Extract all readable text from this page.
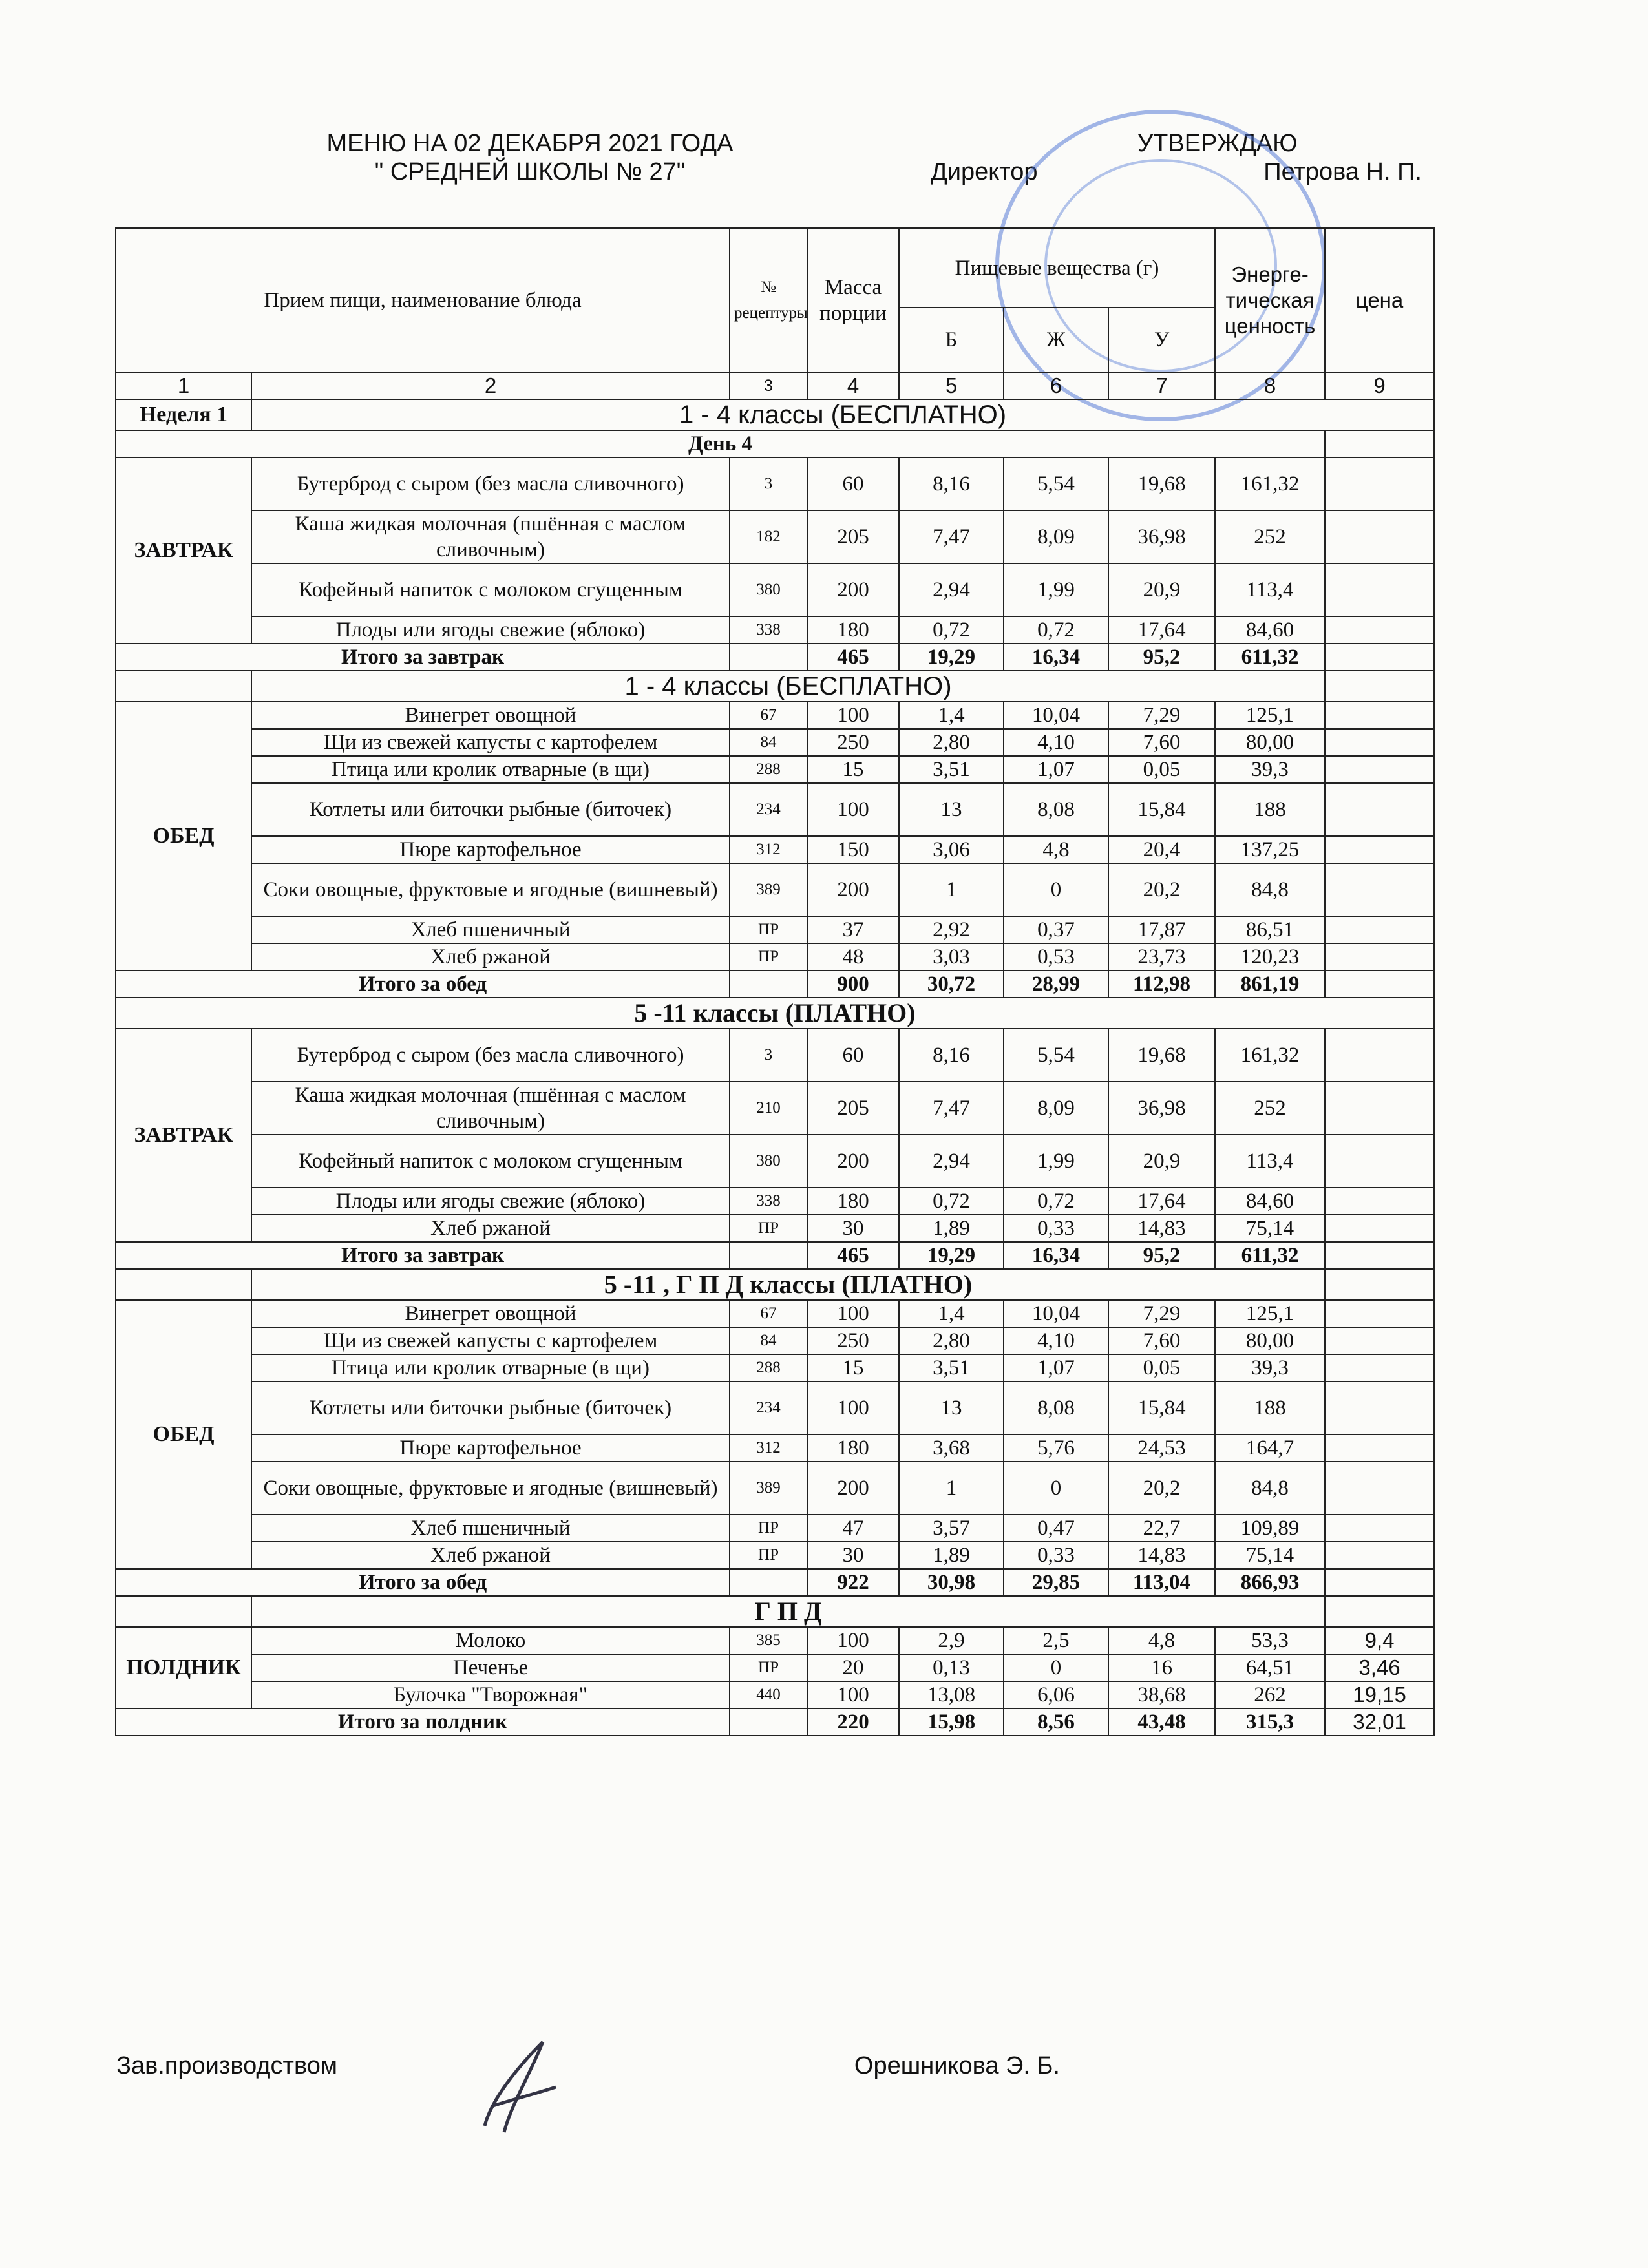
МЕНЮ НА 02 ДЕКАБРЯ 2021 ГОДА
" СРЕДНЕЙ ШКОЛЫ № 27"
УТВЕРЖДАЮ
Директор	Петрова Н. П.
Прием пищи, наименование блюда		№ рецептуры	Масса порции	Пищевые вещества (г)			Энерге-тическая ценность	цена
				Б	Ж	У		
1	2	3	4	5	6	7	8	9
Неделя 1	1 - 4 классы (БЕСПЛАТНО)							
День 4								
ЗАВТРАК	Бутерброд с сыром (без масла сливочного)	3	60	8,16	5,54	19,68	161,32	
	Каша жидкая молочная (пшённая с маслом сливочным)	182	205	7,47	8,09	36,98	252	
	Кофейный напиток с молоком сгущенным	380	200	2,94	1,99	20,9	113,4	
	Плоды или ягоды свежие (яблоко)	338	180	0,72	0,72	17,64	84,60	
Итого за завтрак			465	19,29	16,34	95,2	611,32	
	1 - 4 классы (БЕСПЛАТНО)							
ОБЕД	Винегрет овощной	67	100	1,4	10,04	7,29	125,1	
	Щи из свежей капусты с картофелем	84	250	2,80	4,10	7,60	80,00	
	Птица или кролик отварные (в щи)	288	15	3,51	1,07	0,05	39,3	
	Котлеты или биточки рыбные (биточек)	234	100	13	8,08	15,84	188	
	Пюре картофельное	312	150	3,06	4,8	20,4	137,25	
	Соки овощные, фруктовые и ягодные (вишневый)	389	200	1	0	20,2	84,8	
	Хлеб пшеничный	ПР	37	2,92	0,37	17,87	86,51	
	Хлеб ржаной	ПР	48	3,03	0,53	23,73	120,23	
Итого за обед			900	30,72	28,99	112,98	861,19	
5 -11 классы (ПЛАТНО)								
ЗАВТРАК	Бутерброд с сыром (без масла сливочного)	3	60	8,16	5,54	19,68	161,32	
	Каша жидкая молочная (пшённая с маслом сливочным)	210	205	7,47	8,09	36,98	252	
	Кофейный напиток с молоком сгущенным	380	200	2,94	1,99	20,9	113,4	
	Плоды или ягоды свежие (яблоко)	338	180	0,72	0,72	17,64	84,60	
	Хлеб ржаной	ПР	30	1,89	0,33	14,83	75,14	
Итого за завтрак			465	19,29	16,34	95,2	611,32	
	5 -11 , Г П Д классы (ПЛАТНО)							
ОБЕД	Винегрет овощной	67	100	1,4	10,04	7,29	125,1	
	Щи из свежей капусты с картофелем	84	250	2,80	4,10	7,60	80,00	
	Птица или кролик отварные (в щи)	288	15	3,51	1,07	0,05	39,3	
	Котлеты или биточки рыбные (биточек)	234	100	13	8,08	15,84	188	
	Пюре картофельное	312	180	3,68	5,76	24,53	164,7	
	Соки овощные, фруктовые и ягодные (вишневый)	389	200	1	0	20,2	84,8	
	Хлеб пшеничный	ПР	47	3,57	0,47	22,7	109,89	
	Хлеб ржаной	ПР	30	1,89	0,33	14,83	75,14	
Итого за обед			922	30,98	29,85	113,04	866,93	
	Г П Д							
ПОЛДНИК	Молоко	385	100	2,9	2,5	4,8	53,3	9,4
	Печенье	ПР	20	0,13	0	16	64,51	3,46
	Булочка "Творожная"	440	100	13,08	6,06	38,68	262	19,15
Итого за полдник			220	15,98	8,56	43,48	315,3	32,01
Зав.производством	Орешникова Э. Б.
